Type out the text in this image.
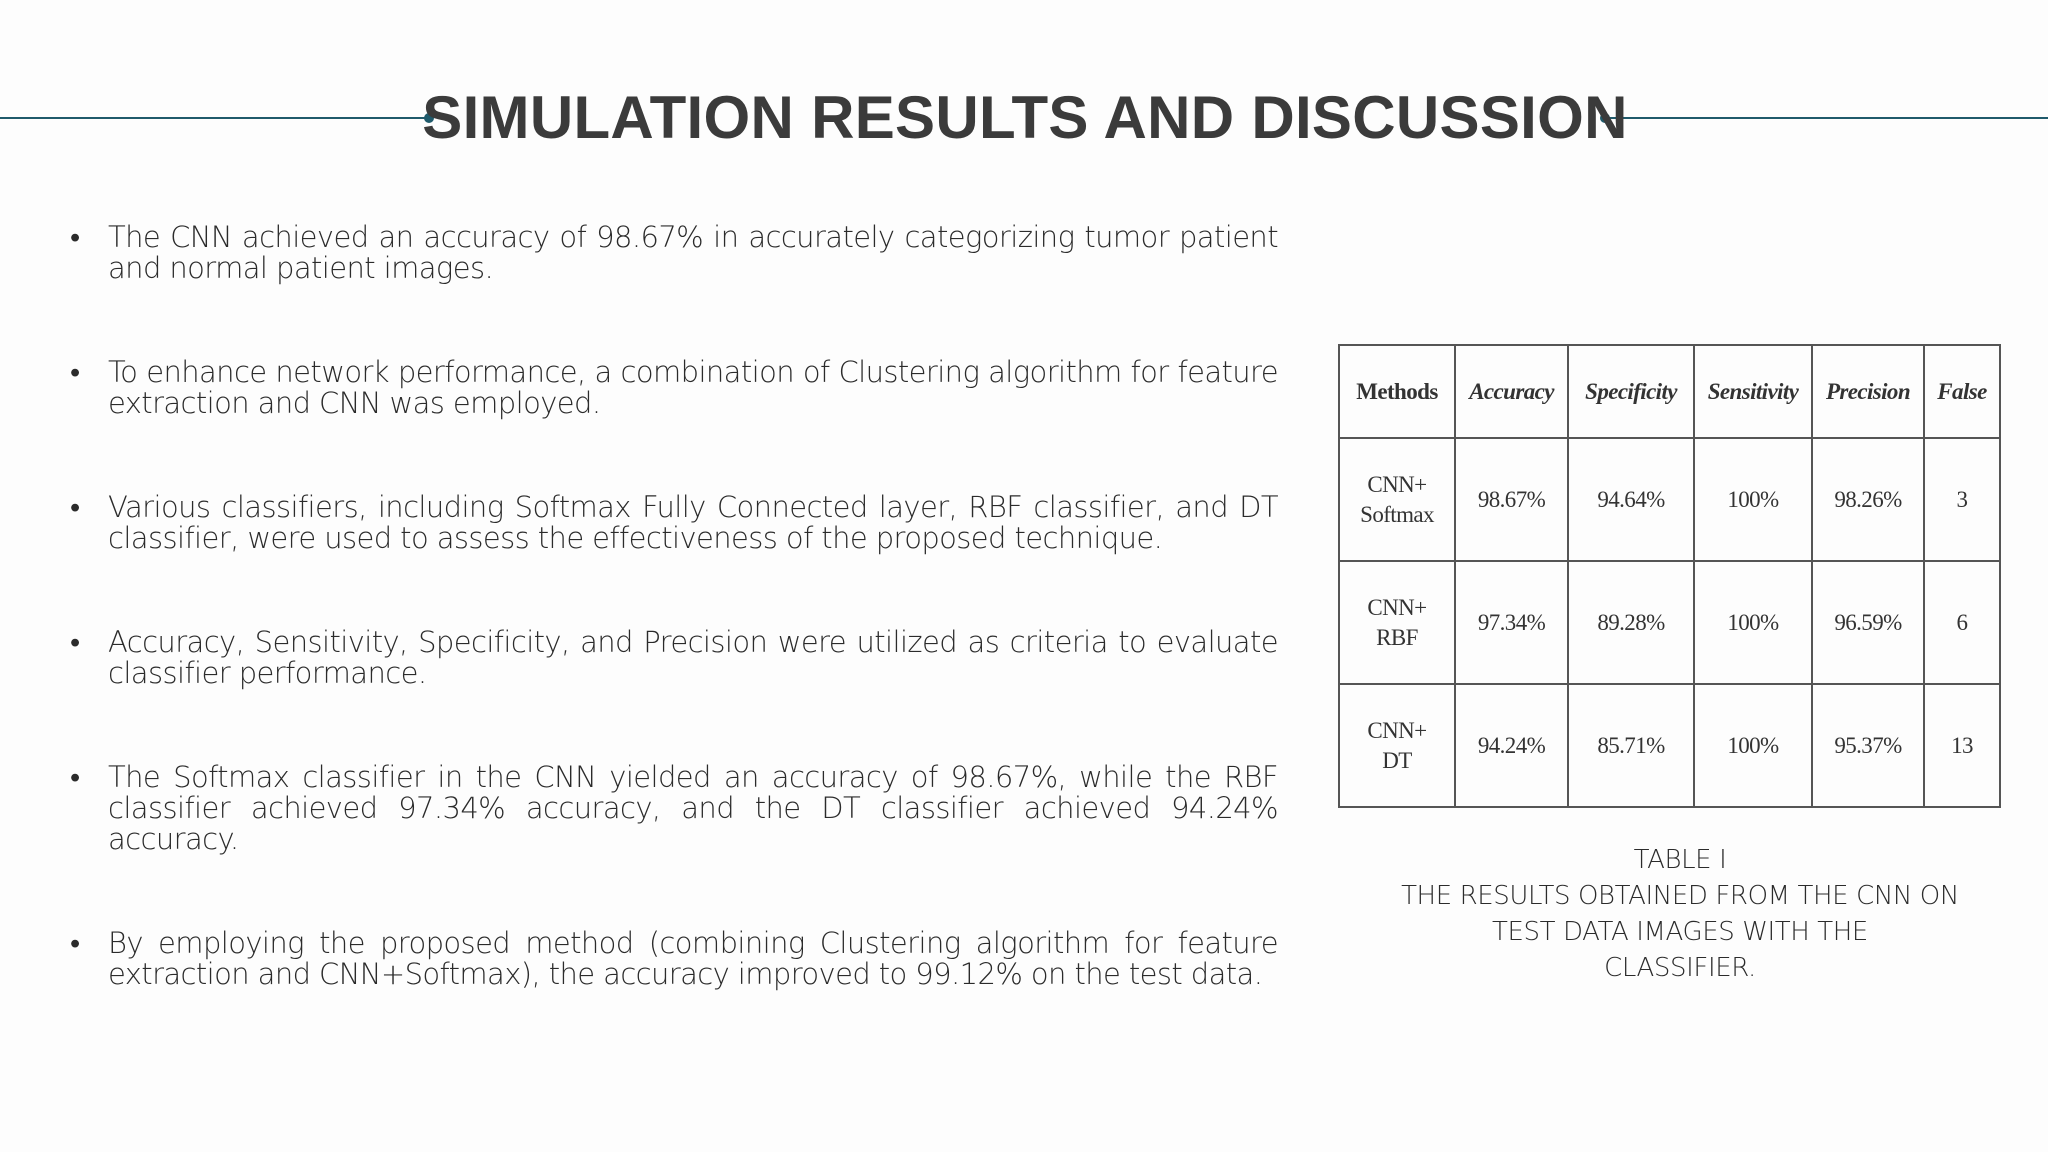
SIMULATION RESULTS AND DISCUSSION
• The CNN achieved an accuracy of 98.67% in accurately categorizing tumor patient and normal patient images.
• To enhance network performance, a combination of Clustering algorithm for feature extraction and CNN was employed.
• Various classifiers, including Softmax Fully Connected layer, RBF classifier, and DT classifier, were used to assess the effectiveness of the proposed technique.
• Accuracy, Sensitivity, Specificity, and Precision were utilized as criteria to evaluate classifier performance.
• The Softmax classifier in the CNN yielded an accuracy of 98.67%, while the RBF classifier achieved 97.34% accuracy, and the DT classifier achieved 94.24% accuracy.
• By employing the proposed method (combining Clustering algorithm for feature extraction and CNN+Softmax), the accuracy improved to 99.12% on the test data.
Methods	Accuracy	Specificity	Sensitivity	Precision	False
CNN+
Softmax	98.67%	94.64%	100%	98.26%	3
CNN+
RBF	97.34%	89.28%	100%	96.59%	6
CNN+
DT	94.24%	85.71%	100%	95.37%	13

TABLE I
THE RESULTS OBTAINED FROM THE CNN ON
TEST DATA IMAGES WITH THE
CLASSIFIER.
